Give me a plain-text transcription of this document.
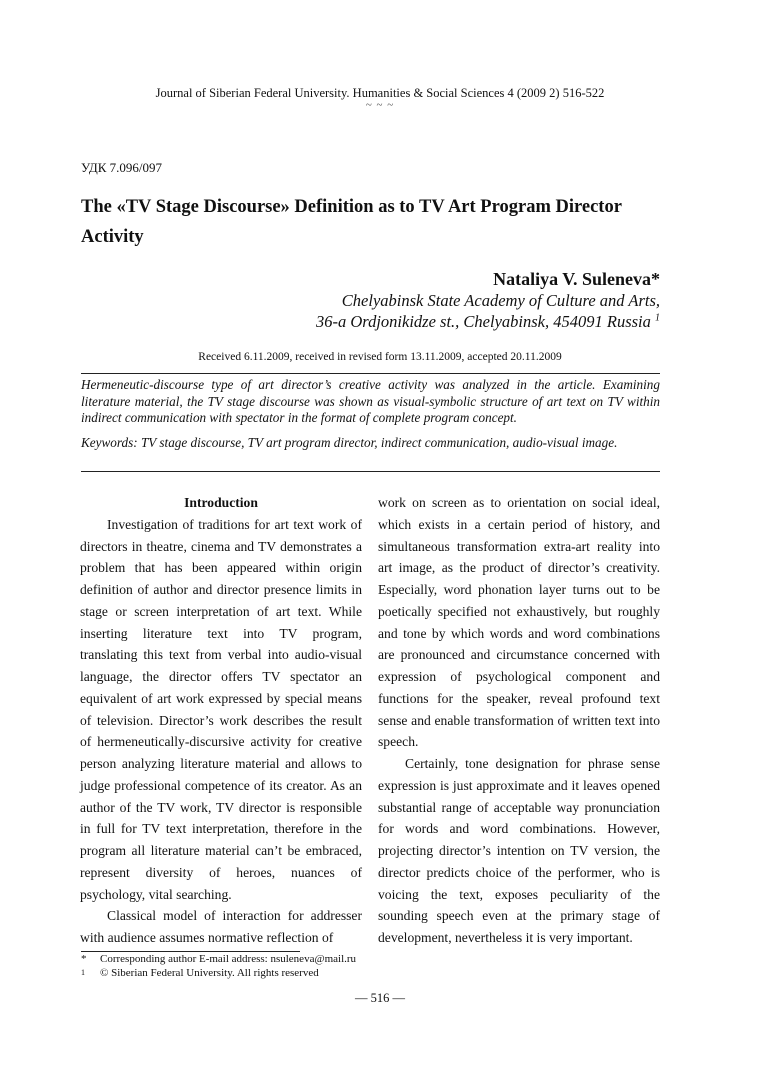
Journal of Siberian Federal University. Humanities & Social Sciences 4 (2009 2) 516-522
~ ~ ~
УДК 7.096/097
The «TV Stage Discourse» Definition as to TV Art Program Director Activity
Nataliya V. Suleneva*
Chelyabinsk State Academy of Culture and Arts,
36-a Ordjonikidze st., Chelyabinsk, 454091 Russia $^1$
Received 6.11.2009, received in revised form 13.11.2009, accepted 20.11.2009
Hermeneutic-discourse type of art director’s creative activity was analyzed in the article. Examining literature material, the TV stage discourse was shown as visual-symbolic structure of art text on TV within indirect communication with spectator in the format of complete program concept.
Keywords: TV stage discourse, TV art program director, indirect communication, audio-visual image.

Introduction

Investigation of traditions for art text work of directors in theatre, cinema and TV demonstrates a problem that has been appeared within origin definition of author and director presence limits in stage or screen interpretation of art text. While inserting literature text into TV program, translating this text from verbal into audio-visual language, the director offers TV spectator an equivalent of art work expressed by special means of television. Director’s work describes the result of hermeneutically-discursive activity for creative person analyzing literature material and allows to judge professional competence of its creator. As an author of the TV work, TV director is responsible in full for TV text interpretation, therefore in the program all literature material can’t be embraced, represent diversity of heroes, nuances of psychology, vital searching.

Classical model of interaction for addresser with audience assumes normative reflection of

work on screen as to orientation on social ideal, which exists in a certain period of history, and simultaneous transformation extra-art reality into art image, as the product of director’s creativity. Especially, word phonation layer turns out to be poetically specified not exhaustively, but roughly and tone by which words and word combinations are pronounced and circumstance concerned with expression of psychological component and functions for the speaker, reveal profound text sense and enable transformation of written text into speech.

Certainly, tone designation for phrase sense expression is just approximate and it leaves opened substantial range of acceptable way pronunciation for words and word combinations. However, projecting director’s intention on TV version, the director predicts choice of the performer, who is voicing the text, exposes peculiarity of the sounding speech even at the primary stage of development, nevertheless it is very important.

* Corresponding author E-mail address: nsuleneva@mail.ru
1 © Siberian Federal University. All rights reserved
— 516 —
